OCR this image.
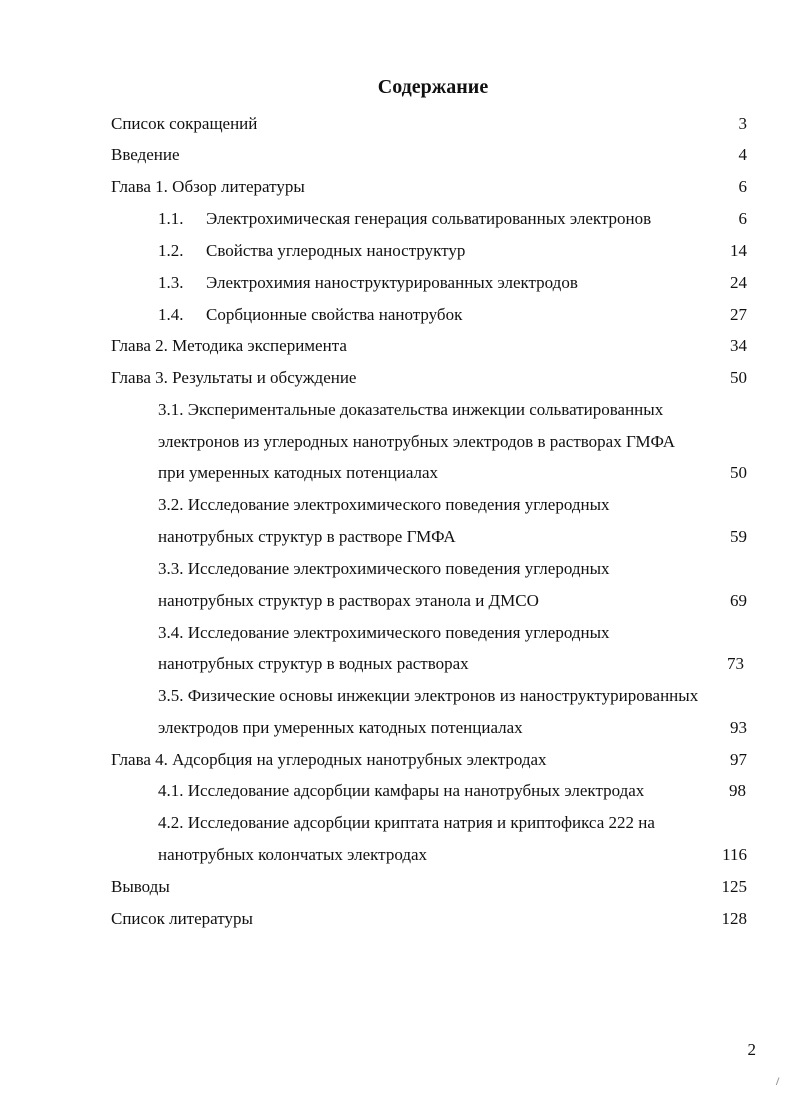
Содержание
Список сокращений	3
Введение	4
Глава 1. Обзор литературы	6
1.1. Электрохимическая генерация сольватированных электронов	6
1.2. Свойства углеродных наноструктур	14
1.3. Электрохимия наноструктурированных электродов	24
1.4. Сорбционные свойства нанотрубок	27
Глава 2. Методика эксперимента	34
Глава 3. Результаты и обсуждение	50
3.1. Экспериментальные доказательства инжекции сольватированных
электронов из углеродных нанотрубных электродов в растворах ГМФА
при умеренных катодных потенциалах	50
3.2. Исследование электрохимического поведения углеродных
нанотрубных структур в растворе ГМФА	59
3.3. Исследование электрохимического поведения углеродных
нанотрубных структур в растворах этанола и ДМСО	69
3.4. Исследование электрохимического поведения углеродных
нанотрубных структур в водных растворах	73
3.5. Физические основы инжекции электронов из наноструктурированных
электродов при умеренных катодных потенциалах	93
Глава 4. Адсорбция на углеродных нанотрубных электродах	97
4.1. Исследование адсорбции камфары на нанотрубных электродах	98
4.2. Исследование адсорбции криптата натрия и криптофикса 222 на
нанотрубных колончатых электродах	116
Выводы	125
Список литературы	128
2
